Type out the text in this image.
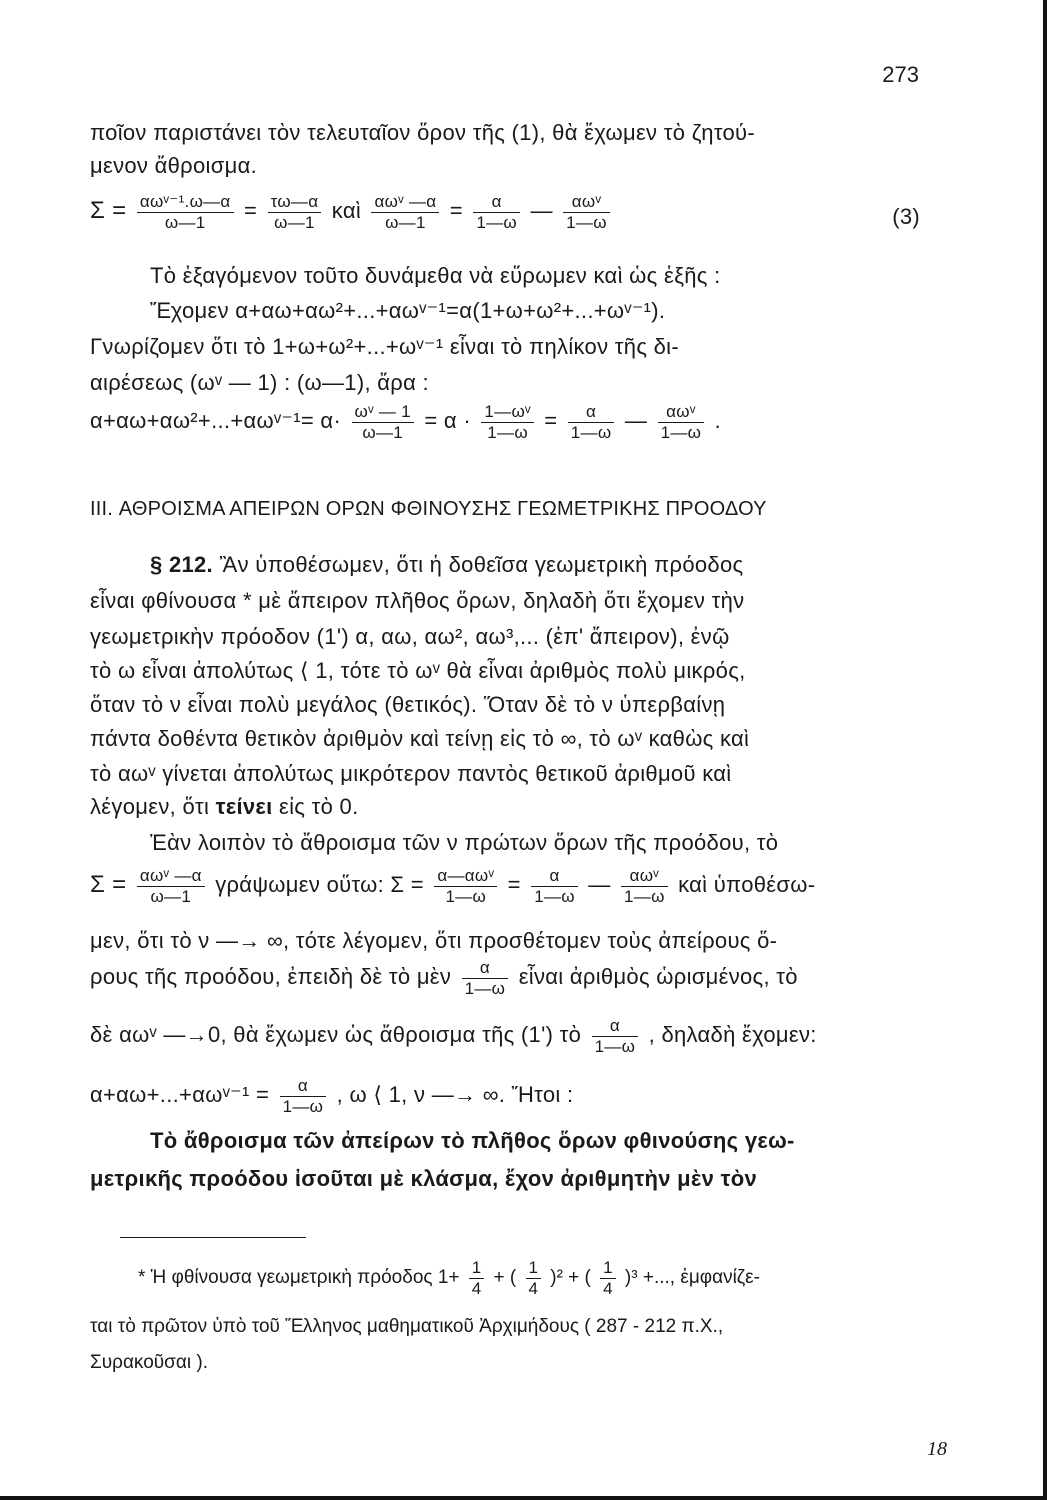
273
ποῖον παριστάνει τὸν τελευταῖον ὅρον τῆς (1), θὰ ἔχωμεν τὸ ζητού-
μενον ἄθροισμα.
$\Sigma = \frac{\text{αωᵛ⁻¹.ω—α}}{\omega—1} = \frac{\tau\omega—\alpha}{\omega—1}$ καὶ $\frac{\text{αωᵛ —α}}{\omega—1} = \frac{\alpha}{1—\omega}$ — $\frac{\text{αωᵛ}}{1—\omega}$	(3)
Τὸ ἐξαγόμενον τοῦτο δυνάμεθα νὰ εὕρωμεν καὶ ὡς ἑξῆς :
Ἔχομεν α+αω+αω²+...+αωᵛ⁻¹=α(1+ω+ω²+...+ωᵛ⁻¹).
Γνωρίζομεν ὅτι τὸ 1+ω+ω²+...+ωᵛ⁻¹ εἶναι τὸ πηλίκον τῆς δι-
αιρέσεως (ωᵛ — 1) : (ω—1), ἄρα :
α+αω+αω²+...+αωᵛ⁻¹= $\alpha\cdot \frac{\text{ωᵛ — 1}}{\omega—1} = \alpha \cdot \frac{\text{1—ωᵛ}}{1—\omega} = \frac{\alpha}{1—\omega}$ — $\frac{\text{αωᵛ}}{1—\omega}$ .
III. ΑΘΡΟΙΣΜΑ ΑΠΕΙΡΩΝ ΟΡΩΝ ΦΘΙΝΟΥΣΗΣ ΓΕΩΜΕΤΡΙΚΗΣ ΠΡΟΟΔΟΥ
§ 212. Ἂν ὑποθέσωμεν, ὅτι ἡ δοθεῖσα γεωμετρικὴ πρόοδος
εἶναι φθίνουσα * μὲ ἄπειρον πλῆθος ὅρων, δηλαδὴ ὅτι ἔχομεν τὴν
γεωμετρικὴν πρόοδον (1') α, αω, αω², αω³,... (ἐπ' ἄπειρον), ἐνῷ
τὸ ω εἶναι ἀπολύτως ⟨ 1, τότε τὸ ωᵛ θὰ εἶναι ἀριθμὸς πολὺ μικρός,
ὅταν τὸ ν εἶναι πολὺ μεγάλος (θετικός). Ὅταν δὲ τὸ ν ὑπερβαίνῃ
πάντα δοθέντα θετικὸν ἀριθμὸν καὶ τείνῃ εἰς τὸ ∞, τὸ ωᵛ καθὼς καὶ
τὸ αωᵛ γίνεται ἀπολύτως μικρότερον παντὸς θετικοῦ ἀριθμοῦ καὶ
λέγομεν, ὅτι τείνει εἰς τὸ 0.
Ἐὰν λοιπὸν τὸ ἄθροισμα τῶν ν πρώτων ὅρων τῆς προόδου, τὸ
$\Sigma = \frac{\text{αωᵛ —α}}{\omega—1}$ γράψωμεν οὕτω: $\Sigma = \frac{\text{α—αωᵛ}}{1—\omega} = \frac{\alpha}{1—\omega}$ — $\frac{\text{αωᵛ}}{1—\omega}$ καὶ ὑποθέσω-
μεν, ὅτι τὸ ν —→ ∞, τότε λέγομεν, ὅτι προσθέτομεν τοὺς ἀπείρους ὅ-
ρους τῆς προόδου, ἐπειδὴ δὲ τὸ μὲν $\frac{\alpha}{1—\omega}$ εἶναι ἀριθμὸς ὡρισμένος, τὸ
δὲ αωᵛ —→0, θὰ ἔχωμεν ὡς ἄθροισμα τῆς (1') τὸ $\frac{\alpha}{1—\omega}$ , δηλαδὴ ἔχομεν:
α+αω+...+αωᵛ⁻¹ = $\frac{\alpha}{1—\omega}$ , ω ⟨ 1, ν —→ ∞. Ἤτοι :
Τὸ ἄθροισμα τῶν ἀπείρων τὸ πλῆθος ὅρων φθινούσης γεω-
μετρικῆς προόδου ἰσοῦται μὲ κλάσμα, ἔχον ἀριθμητὴν μὲν τὸν
* Ἡ φθίνουσα γεωμετρικὴ πρόοδος $1+ \frac{1}{4}$ + ( $\frac{1}{4} )^2$ + ( $\frac{1}{4} )^3$ +..., ἐμφανίζε-
ται τὸ πρῶτον ὑπὸ τοῦ Ἕλληνος μαθηματικοῦ Ἀρχιμήδους ( 287 - 212 π.Χ.,
Συρακοῦσαι ).
18
